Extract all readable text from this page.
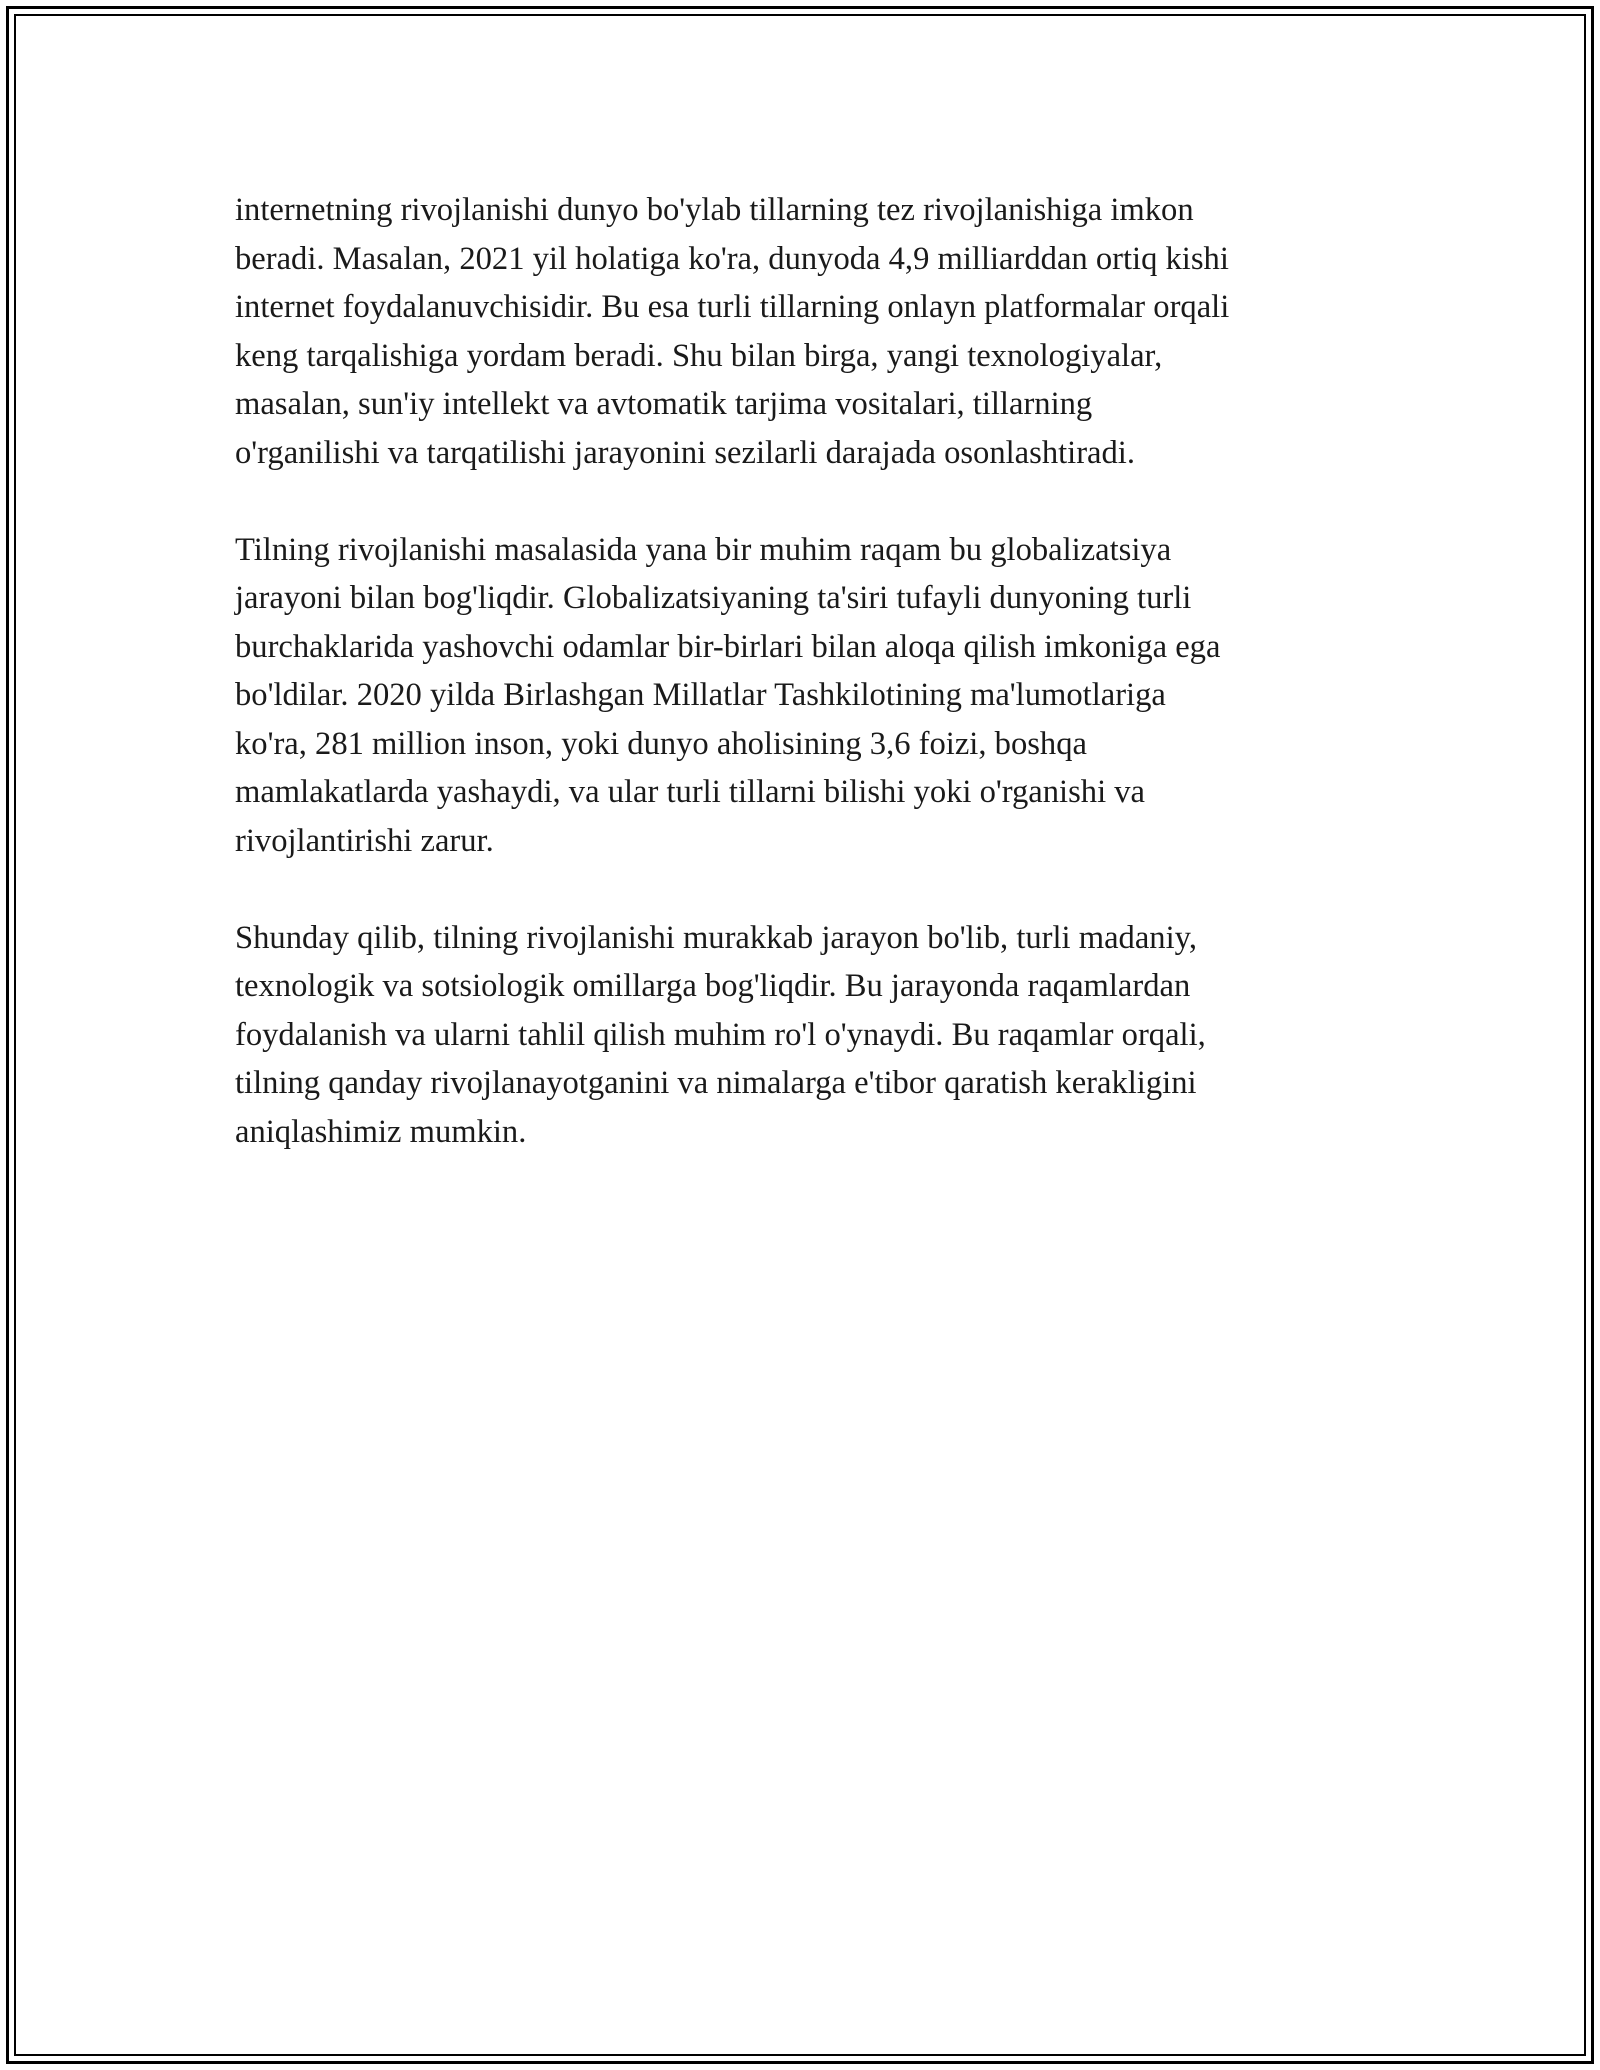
internetning rivojlanishi dunyo bo'ylab tillarning tez rivojlanishiga imkon
beradi. Masalan, 2021 yil holatiga ko'ra, dunyoda 4,9 milliarddan ortiq kishi
internet foydalanuvchisidir. Bu esa turli tillarning onlayn platformalar orqali
keng tarqalishiga yordam beradi. Shu bilan birga, yangi texnologiyalar,
masalan, sun'iy intellekt va avtomatik tarjima vositalari, tillarning
o'rganilishi va tarqatilishi jarayonini sezilarli darajada osonlashtiradi.

Tilning rivojlanishi masalasida yana bir muhim raqam bu globalizatsiya
jarayoni bilan bog'liqdir. Globalizatsiyaning ta'siri tufayli dunyoning turli
burchaklarida yashovchi odamlar bir-birlari bilan aloqa qilish imkoniga ega
bo'ldilar. 2020 yilda Birlashgan Millatlar Tashkilotining ma'lumotlariga
ko'ra, 281 million inson, yoki dunyo aholisining 3,6 foizi, boshqa
mamlakatlarda yashaydi, va ular turli tillarni bilishi yoki o'rganishi va
rivojlantirishi zarur.

Shunday qilib, tilning rivojlanishi murakkab jarayon bo'lib, turli madaniy,
texnologik va sotsiologik omillarga bog'liqdir. Bu jarayonda raqamlardan
foydalanish va ularni tahlil qilish muhim ro'l o'ynaydi. Bu raqamlar orqali,
tilning qanday rivojlanayotganini va nimalarga e'tibor qaratish kerakligini
aniqlashimiz mumkin.
